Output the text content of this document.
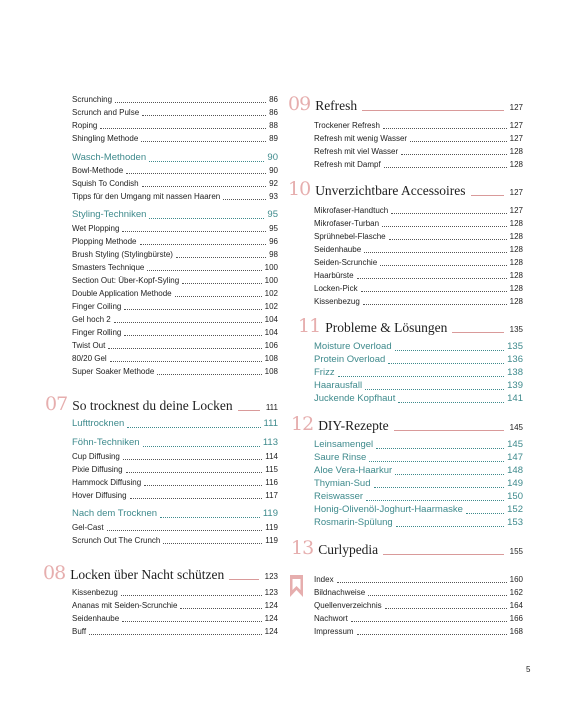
Scrunching	86
Scrunch and Pulse	86
Roping	88
Shingling Methode	89
Wasch-Methoden	90
Bowl-Methode	90
Squish To Condish	92
Tipps für den Umgang mit nassen Haaren	93
Styling-Techniken	95
Wet Plopping	95
Plopping Methode	96
Brush Styling (Stylingbürste)	98
Smasters Technique	100
Section Out: Über-Kopf-Syling	100
Double Application Methode	102
Finger Coiling	102
Gel hoch 2	104
Finger Rolling	104
Twist Out	106
80/20 Gel	108
Super Soaker Methode	108
07 So trocknest du deine Locken	111
Lufttrocknen	111
Föhn-Techniken	113
Cup Diffusing	114
Pixie Diffusing	115
Hammock Diffusing	116
Hover Diffusing	117
Nach dem Trocknen	119
Gel-Cast	119
Scrunch Out The Crunch	119
08 Locken über Nacht schützen	123
Kissenbezug	123
Ananas mit Seiden-Scrunchie	124
Seidenhaube	124
Buff	124
09 Refresh	127
Trockener Refresh	127
Refresh mit wenig Wasser	127
Refresh mit viel Wasser	128
Refresh mit Dampf	128
10 Unverzichtbare Accessoires	127
Mikrofaser-Handtuch	127
Mikrofaser-Turban	128
Sprühnebel-Flasche	128
Seidenhaube	128
Seiden-Scrunchie	128
Haarbürste	128
Locken-Pick	128
Kissenbezug	128
11 Probleme & Lösungen	135
Moisture Overload	135
Protein Overload	136
Frizz	138
Haarausfall	139
Juckende Kopfhaut	141
12 DIY-Rezepte	145
Leinsamengel	145
Saure Rinse	147
Aloe Vera-Haarkur	148
Thymian-Sud	149
Reiswasser	150
Honig-Olivenöl-Joghurt-Haarmaske	152
Rosmarin-Spülung	153
13 Curlypedia	155
Index	160
Bildnachweise	162
Quellenverzeichnis	164
Nachwort	166
Impressum	168
5
